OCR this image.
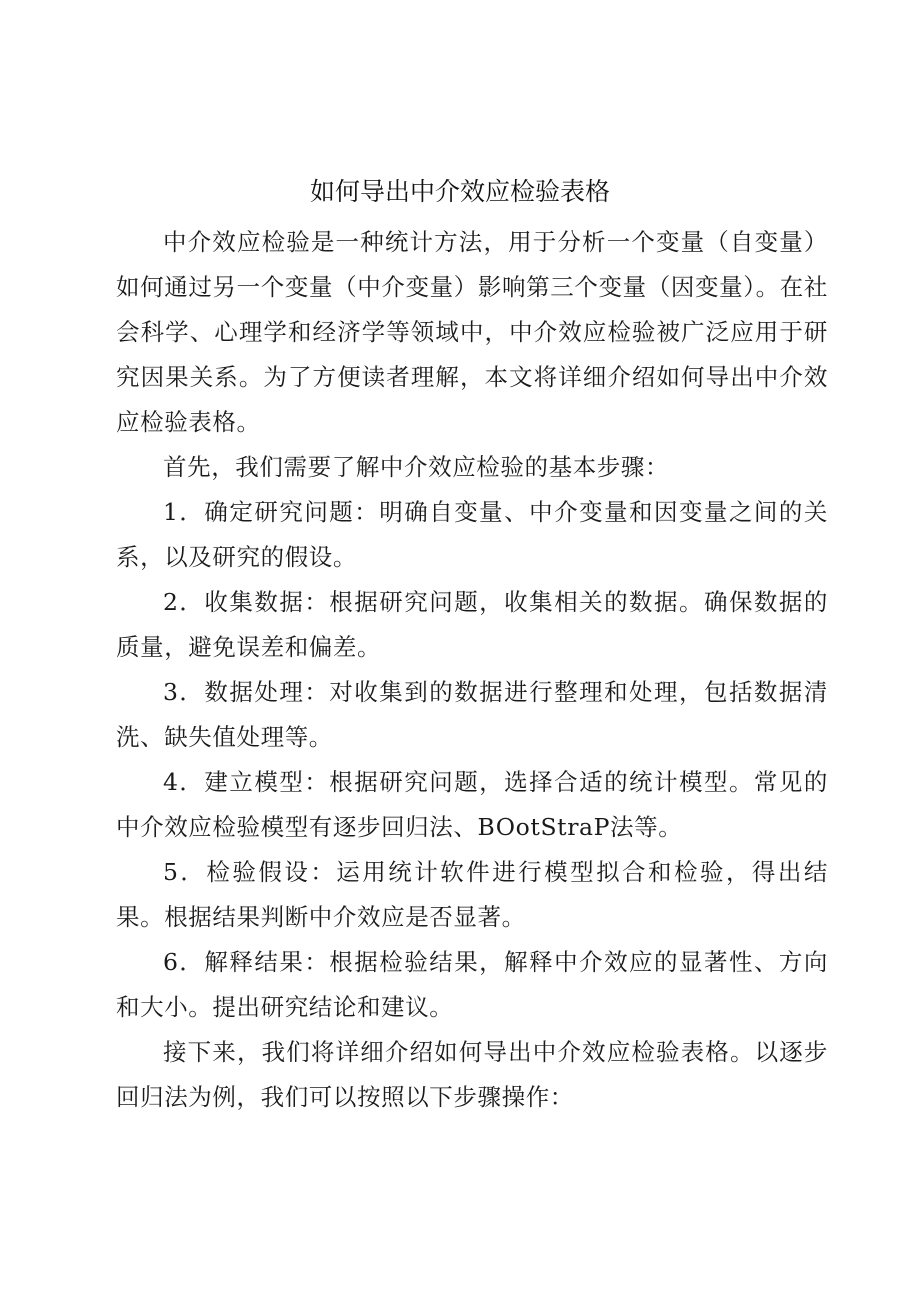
如何导出中介效应检验表格

中介效应检验是一种统计方法，用于分析一个变量（自变量）如何通过另一个变量（中介变量）影响第三个变量（因变量）。在社会科学、心理学和经济学等领域中，中介效应检验被广泛应用于研究因果关系。为了方便读者理解，本文将详细介绍如何导出中介效应检验表格。

首先，我们需要了解中介效应检验的基本步骤：

1．确定研究问题：明确自变量、中介变量和因变量之间的关系，以及研究的假设。

2．收集数据：根据研究问题，收集相关的数据。确保数据的质量，避免误差和偏差。

3．数据处理：对收集到的数据进行整理和处理，包括数据清洗、缺失值处理等。

4．建立模型：根据研究问题，选择合适的统计模型。常见的中介效应检验模型有逐步回归法、BOotStraP法等。

5．检验假设：运用统计软件进行模型拟合和检验，得出结果。根据结果判断中介效应是否显著。

6．解释结果：根据检验结果，解释中介效应的显著性、方向和大小。提出研究结论和建议。

接下来，我们将详细介绍如何导出中介效应检验表格。以逐步回归法为例，我们可以按照以下步骤操作：
